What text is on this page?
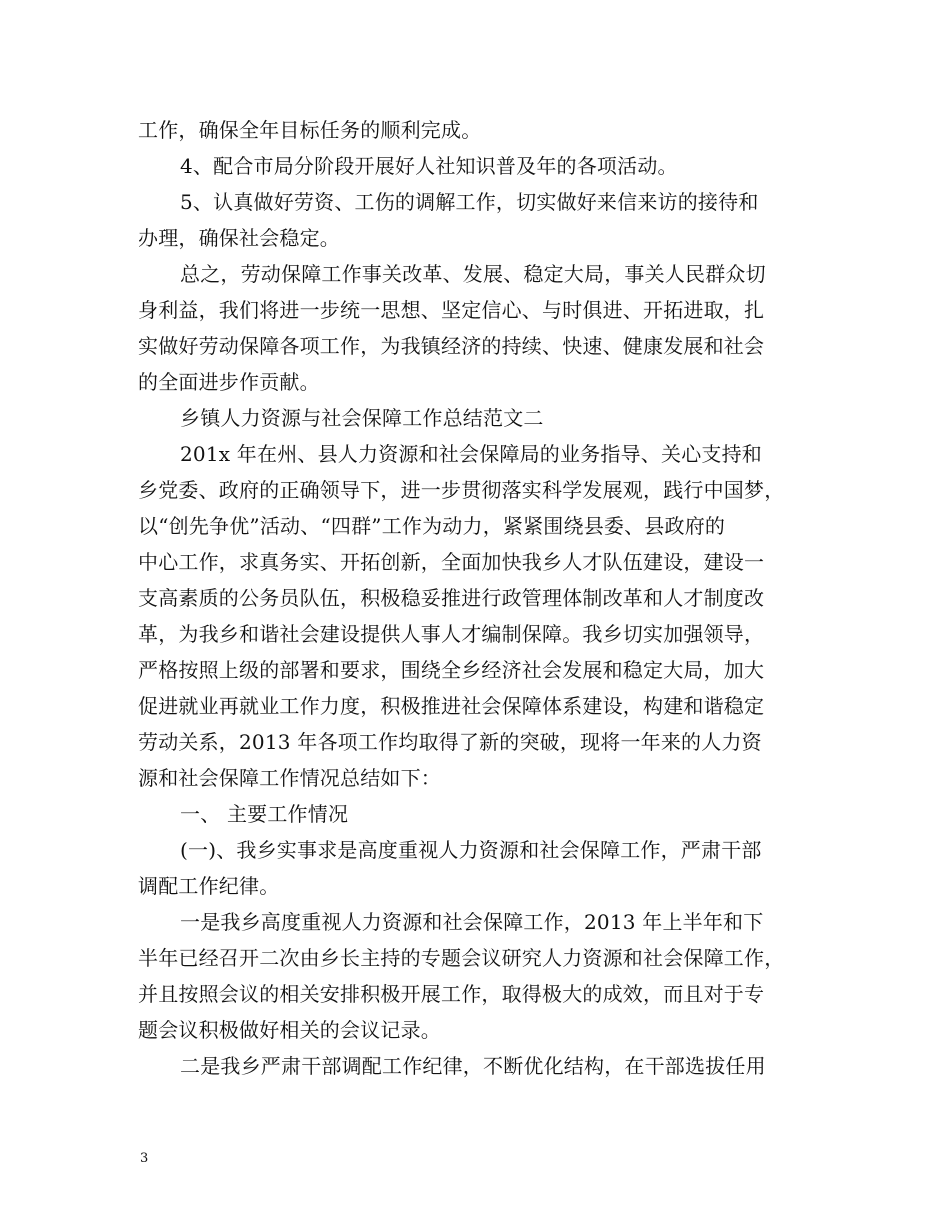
工作，确保全年目标任务的顺利完成。
4、配合市局分阶段开展好人社知识普及年的各项活动。
5、认真做好劳资、工伤的调解工作，切实做好来信来访的接待和
办理，确保社会稳定。
总之，劳动保障工作事关改革、发展、稳定大局，事关人民群众切
身利益，我们将进一步统一思想、坚定信心、与时俱进、开拓进取，扎
实做好劳动保障各项工作，为我镇经济的持续、快速、健康发展和社会
的全面进步作贡献。
乡镇人力资源与社会保障工作总结范文二
201x 年在州、县人力资源和社会保障局的业务指导、关心支持和
乡党委、政府的正确领导下，进一步贯彻落实科学发展观，践行中国梦，
以“创先争优”活动、“四群”工作为动力，紧紧围绕县委、县政府的
中心工作，求真务实、开拓创新，全面加快我乡人才队伍建设，建设一
支高素质的公务员队伍，积极稳妥推进行政管理体制改革和人才制度改
革，为我乡和谐社会建设提供人事人才编制保障。我乡切实加强领导，
严格按照上级的部署和要求，围绕全乡经济社会发展和稳定大局，加大
促进就业再就业工作力度，积极推进社会保障体系建设，构建和谐稳定
劳动关系，2013 年各项工作均取得了新的突破，现将一年来的人力资
源和社会保障工作情况总结如下：
一、 主要工作情况
(一)、我乡实事求是高度重视人力资源和社会保障工作，严肃干部
调配工作纪律。
一是我乡高度重视人力资源和社会保障工作，2013 年上半年和下
半年已经召开二次由乡长主持的专题会议研究人力资源和社会保障工作，
并且按照会议的相关安排积极开展工作，取得极大的成效，而且对于专
题会议积极做好相关的会议记录。
二是我乡严肃干部调配工作纪律，不断优化结构，在干部选拔任用
3
